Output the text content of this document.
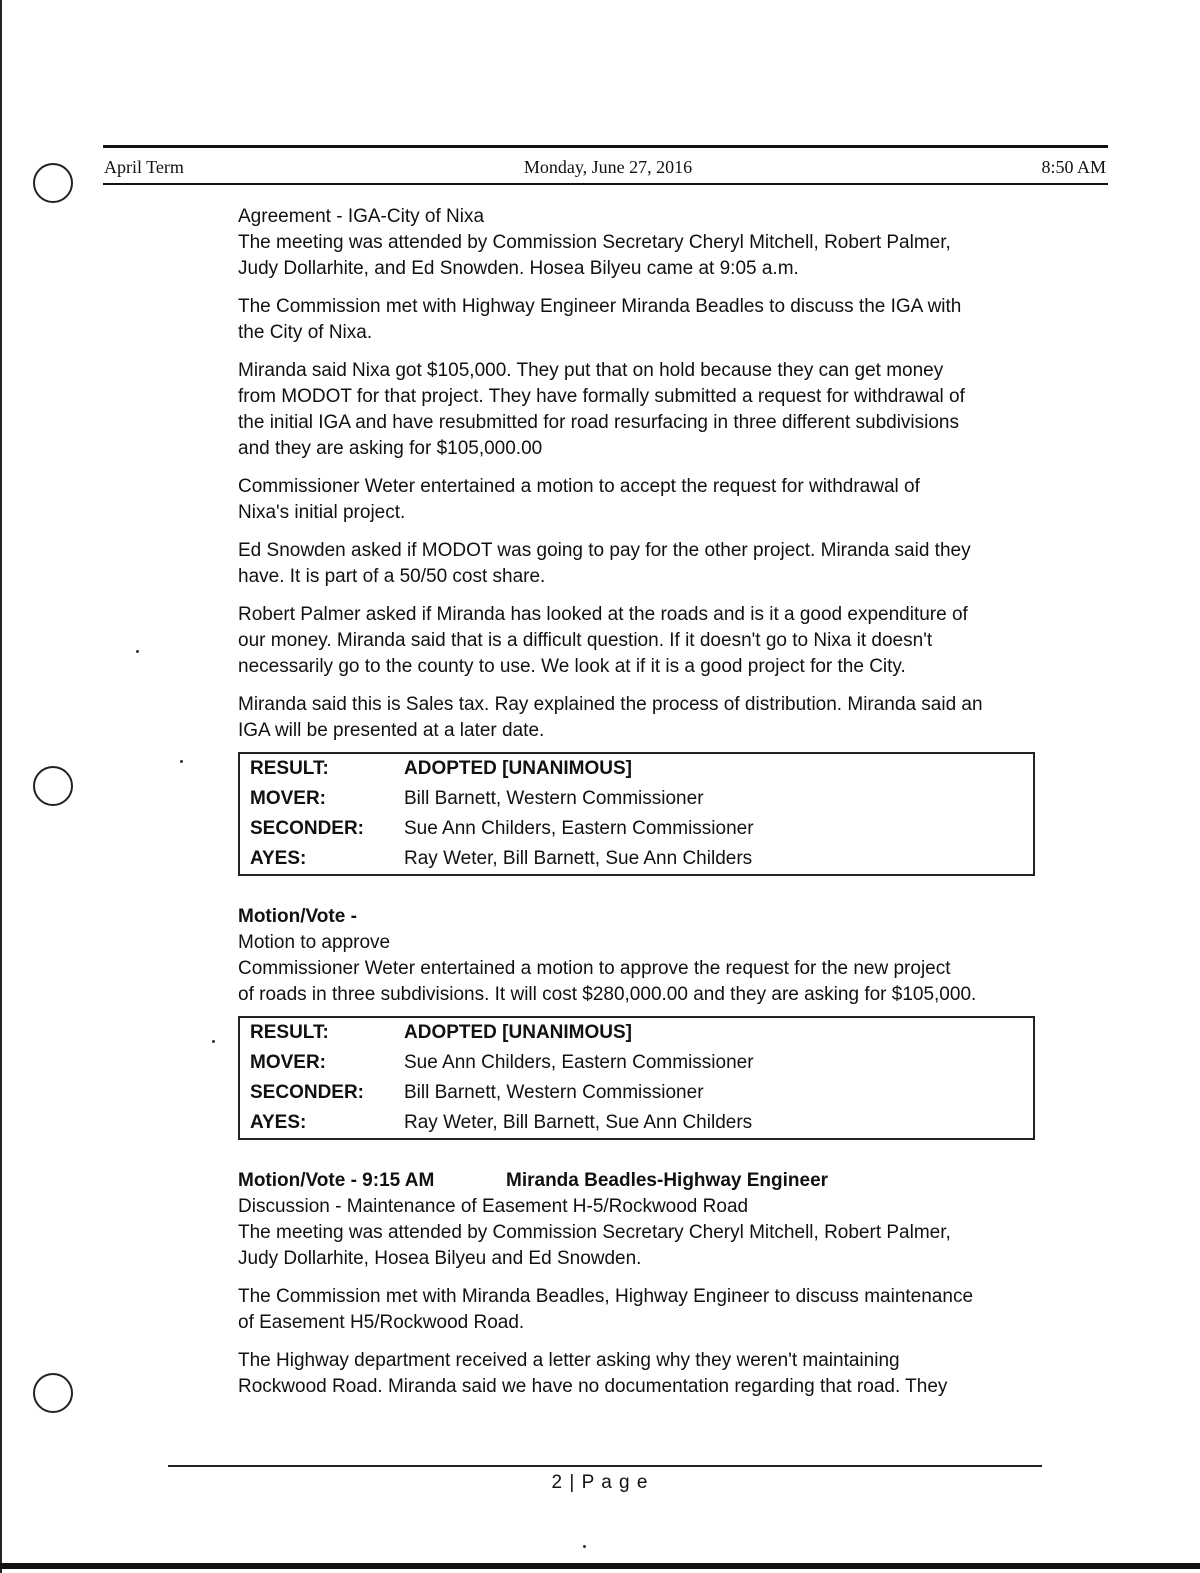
April Term	Monday, June 27, 2016	8:50 AM

Agreement - IGA-City of Nixa
The meeting was attended by Commission Secretary Cheryl Mitchell, Robert Palmer,
Judy Dollarhite, and Ed Snowden. Hosea Bilyeu came at 9:05 a.m.

The Commission met with Highway Engineer Miranda Beadles to discuss the IGA with
the City of Nixa.

Miranda said Nixa got $105,000. They put that on hold because they can get money
from MODOT for that project. They have formally submitted a request for withdrawal of
the initial IGA and have resubmitted for road resurfacing in three different subdivisions
and they are asking for $105,000.00

Commissioner Weter entertained a motion to accept the request for withdrawal of
Nixa's initial project.

Ed Snowden asked if MODOT was going to pay for the other project. Miranda said they
have. It is part of a 50/50 cost share.

Robert Palmer asked if Miranda has looked at the roads and is it a good expenditure of
our money. Miranda said that is a difficult question. If it doesn't go to Nixa it doesn't
necessarily go to the county to use. We look at if it is a good project for the City.

Miranda said this is Sales tax. Ray explained the process of distribution. Miranda said an
IGA will be presented at a later date.

RESULT:	ADOPTED [UNANIMOUS]
MOVER:	Bill Barnett, Western Commissioner
SECONDER:	Sue Ann Childers, Eastern Commissioner
AYES:	Ray Weter, Bill Barnett, Sue Ann Childers

Motion/Vote -
Motion to approve
Commissioner Weter entertained a motion to approve the request for the new project
of roads in three subdivisions. It will cost $280,000.00 and they are asking for $105,000.

RESULT:	ADOPTED [UNANIMOUS]
MOVER:	Sue Ann Childers, Eastern Commissioner
SECONDER:	Bill Barnett, Western Commissioner
AYES:	Ray Weter, Bill Barnett, Sue Ann Childers

Motion/Vote - 9:15 AM	Miranda Beadles-Highway Engineer
Discussion - Maintenance of Easement H-5/Rockwood Road
The meeting was attended by Commission Secretary Cheryl Mitchell, Robert Palmer,
Judy Dollarhite, Hosea Bilyeu and Ed Snowden.

The Commission met with Miranda Beadles, Highway Engineer to discuss maintenance
of Easement H5/Rockwood Road.

The Highway department received a letter asking why they weren't maintaining
Rockwood Road. Miranda said we have no documentation regarding that road. They

2 | P a g e
